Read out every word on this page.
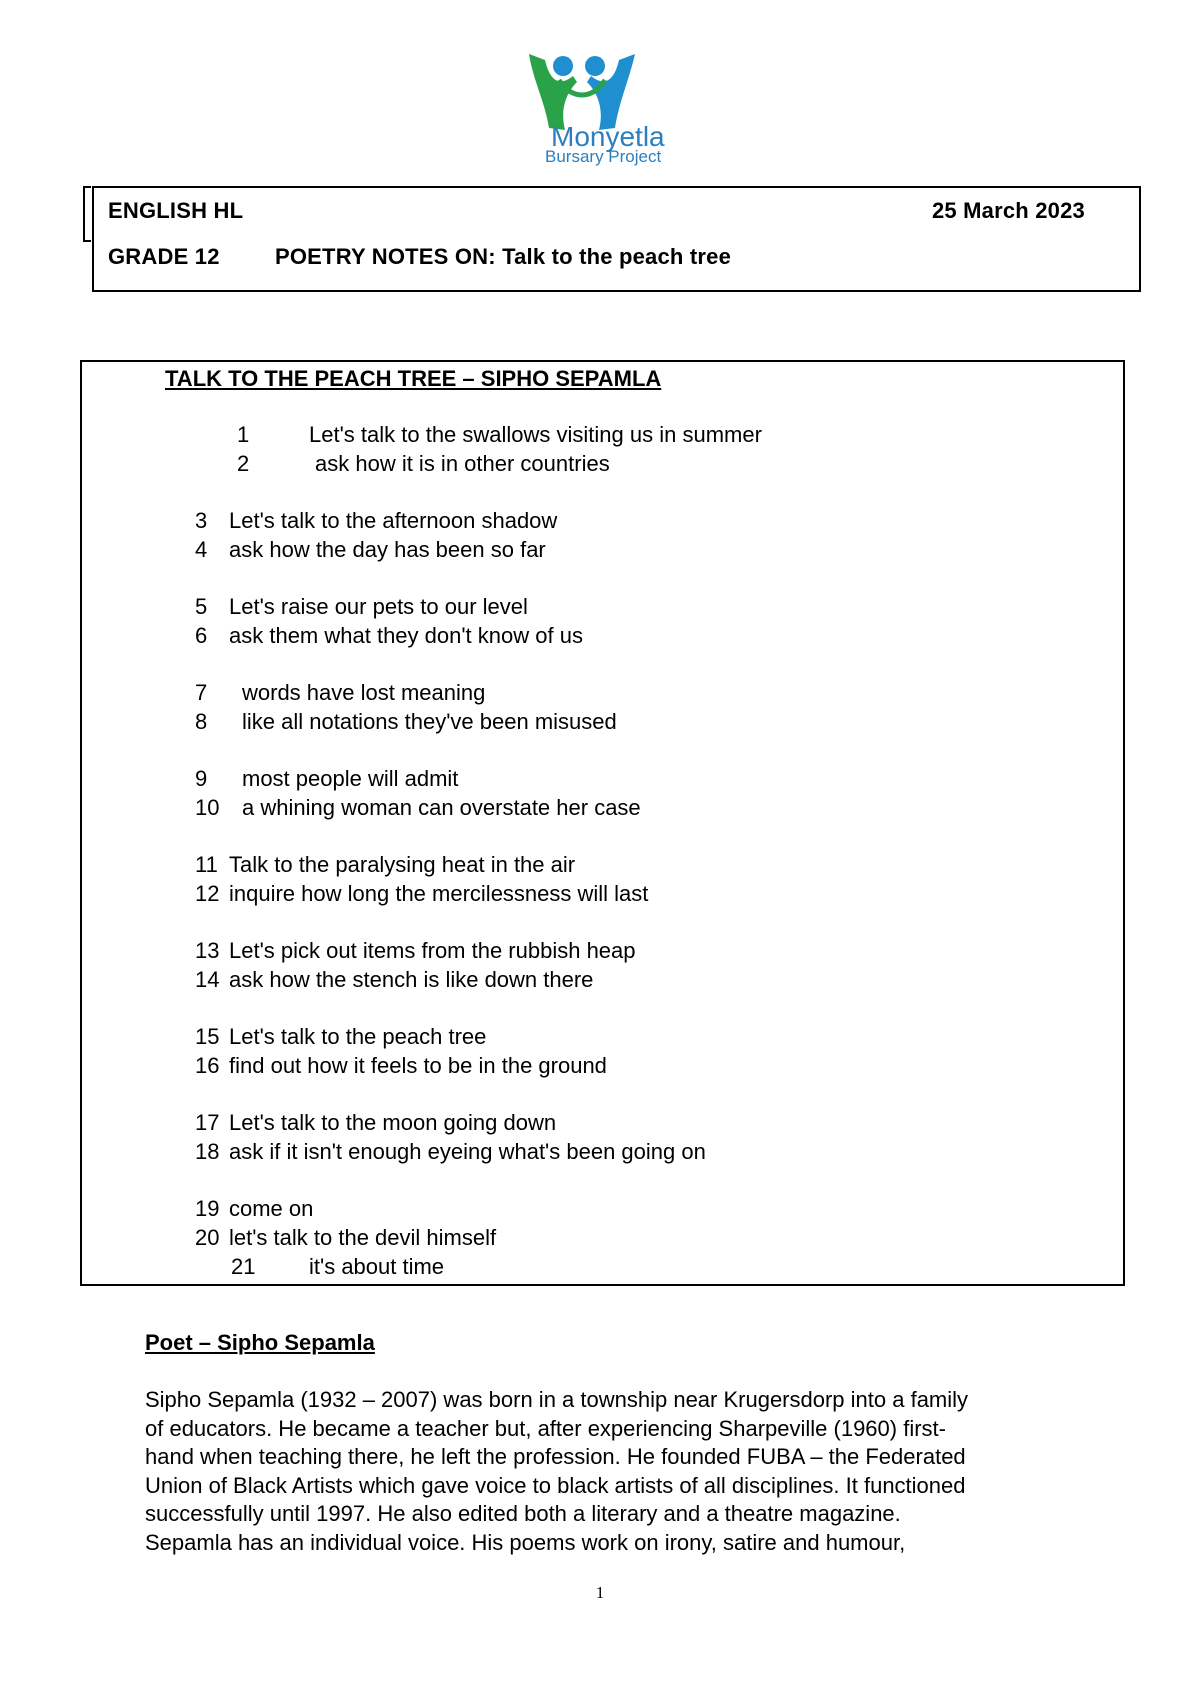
Monyetla
Bursary Project
ENGLISH HL	25 March 2023
GRADE 12	POETRY NOTES ON: Talk to the peach tree
TALK TO THE PEACH TREE – SIPHO SEPAMLA
1	Let's talk to the swallows visiting us in summer
2	ask how it is in other countries
3 Let's talk to the afternoon shadow
4 ask how the day has been so far
5 Let's raise our pets to our level
6 ask them what they don't know of us
7 words have lost meaning
8 like all notations they've been misused
9 most people will admit
10 a whining woman can overstate her case
11 Talk to the paralysing heat in the air
12 inquire how long the mercilessness will last
13 Let's pick out items from the rubbish heap
14 ask how the stench is like down there
15 Let's talk to the peach tree
16 find out how it feels to be in the ground
17 Let's talk to the moon going down
18 ask if it isn't enough eyeing what's been going on
19 come on
20 let's talk to the devil himself
21 it's about time
Poet – Sipho Sepamla

Sipho Sepamla (1932 – 2007) was born in a township near Krugersdorp into a family

of educators. He became a teacher but, after experiencing Sharpeville (1960) first-

hand when teaching there, he left the profession. He founded FUBA – the Federated

Union of Black Artists which gave voice to black artists of all disciplines. It functioned

successfully until 1997. He also edited both a literary and a theatre magazine.

Sepamla has an individual voice. His poems work on irony, satire and humour,

1
